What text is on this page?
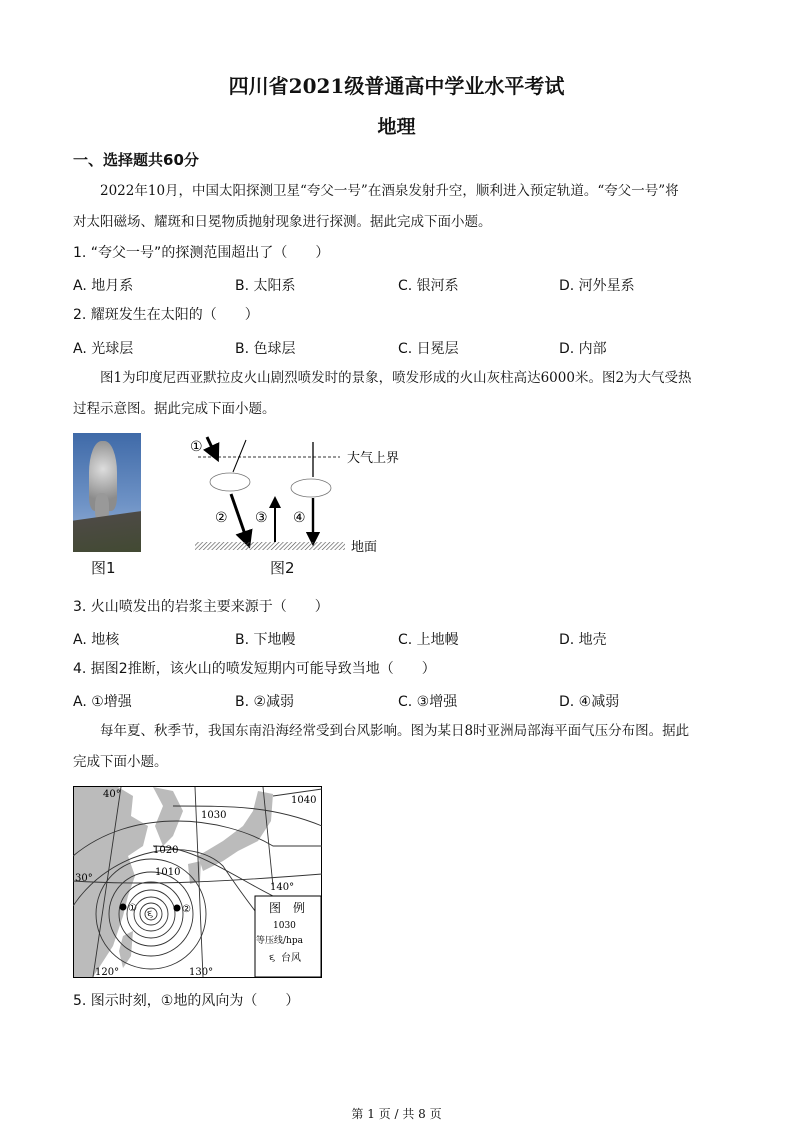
四川省2021级普通高中学业水平考试
地理
一、选择题共60分
2022年10月，中国太阳探测卫星“夸父一号”在酒泉发射升空，顺利进入预定轨道。“夸父一号”将
对太阳磁场、耀斑和日冕物质抛射现象进行探测。据此完成下面小题。
1. “夸父一号”的探测范围超出了（　　）
A. 地月系	B. 太阳系	C. 银河系	D. 河外星系
2. 耀斑发生在太阳的（　　）
A. 光球层	B. 色球层	C. 日冕层	D. 内部
图1为印度尼西亚默拉皮火山剧烈喷发时的景象，喷发形成的火山灰柱高达6000米。图2为大气受热
过程示意图。据此完成下面小题。
图1
①
② ③ ④
大气上界
地面
图2
3. 火山喷发出的岩浆主要来源于（　　）
A. 地核	B. 下地幔	C. 上地幔	D. 地壳
4. 据图2推断，该火山的喷发短期内可能导致当地（　　）
A. ①增强	B. ②减弱	C. ③增强	D. ④减弱
每年夏、秋季节，我国东南沿海经常受到台风影响。图为某日8时亚洲局部海平面气压分布图。据此
完成下面小题。
①	②
૬
40°
30°
120°	130°
图　例
1030
等压线/hpa
૬ 台风
140°
1040
1030
1020
1010
5. 图示时刻，①地的风向为（　　）
第 1 页 / 共 8 页
